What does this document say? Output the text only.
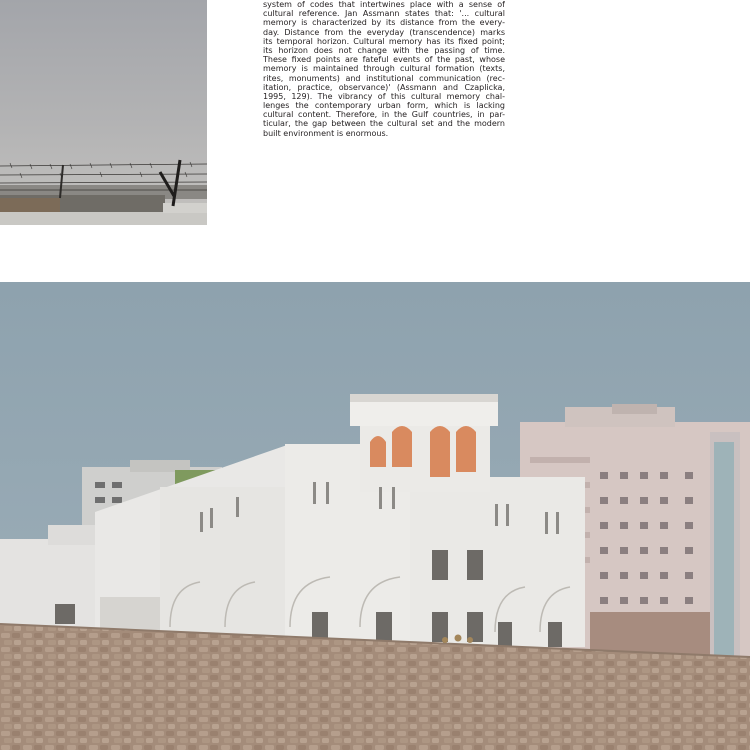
system of codes that intertwines place with a sense of
cultural reference. Jan Assmann states that: '... cultural
memory is characterized by its distance from the every-
day. Distance from the everyday (transcendence) marks
its temporal horizon. Cultural memory has its fixed point;
its horizon does not change with the passing of time.
These fixed points are fateful events of the past, whose
memory is maintained through cultural formation (texts,
rites, monuments) and institutional communication (rec-
itation, practice, observance)' (Assmann and Czaplicka,
1995, 129). The vibrancy of this cultural memory chal-
lenges the contemporary urban form, which is lacking
cultural content. Therefore, in the Gulf countries, in par-
ticular, the gap between the cultural set and the modern
built environment is enormous.
